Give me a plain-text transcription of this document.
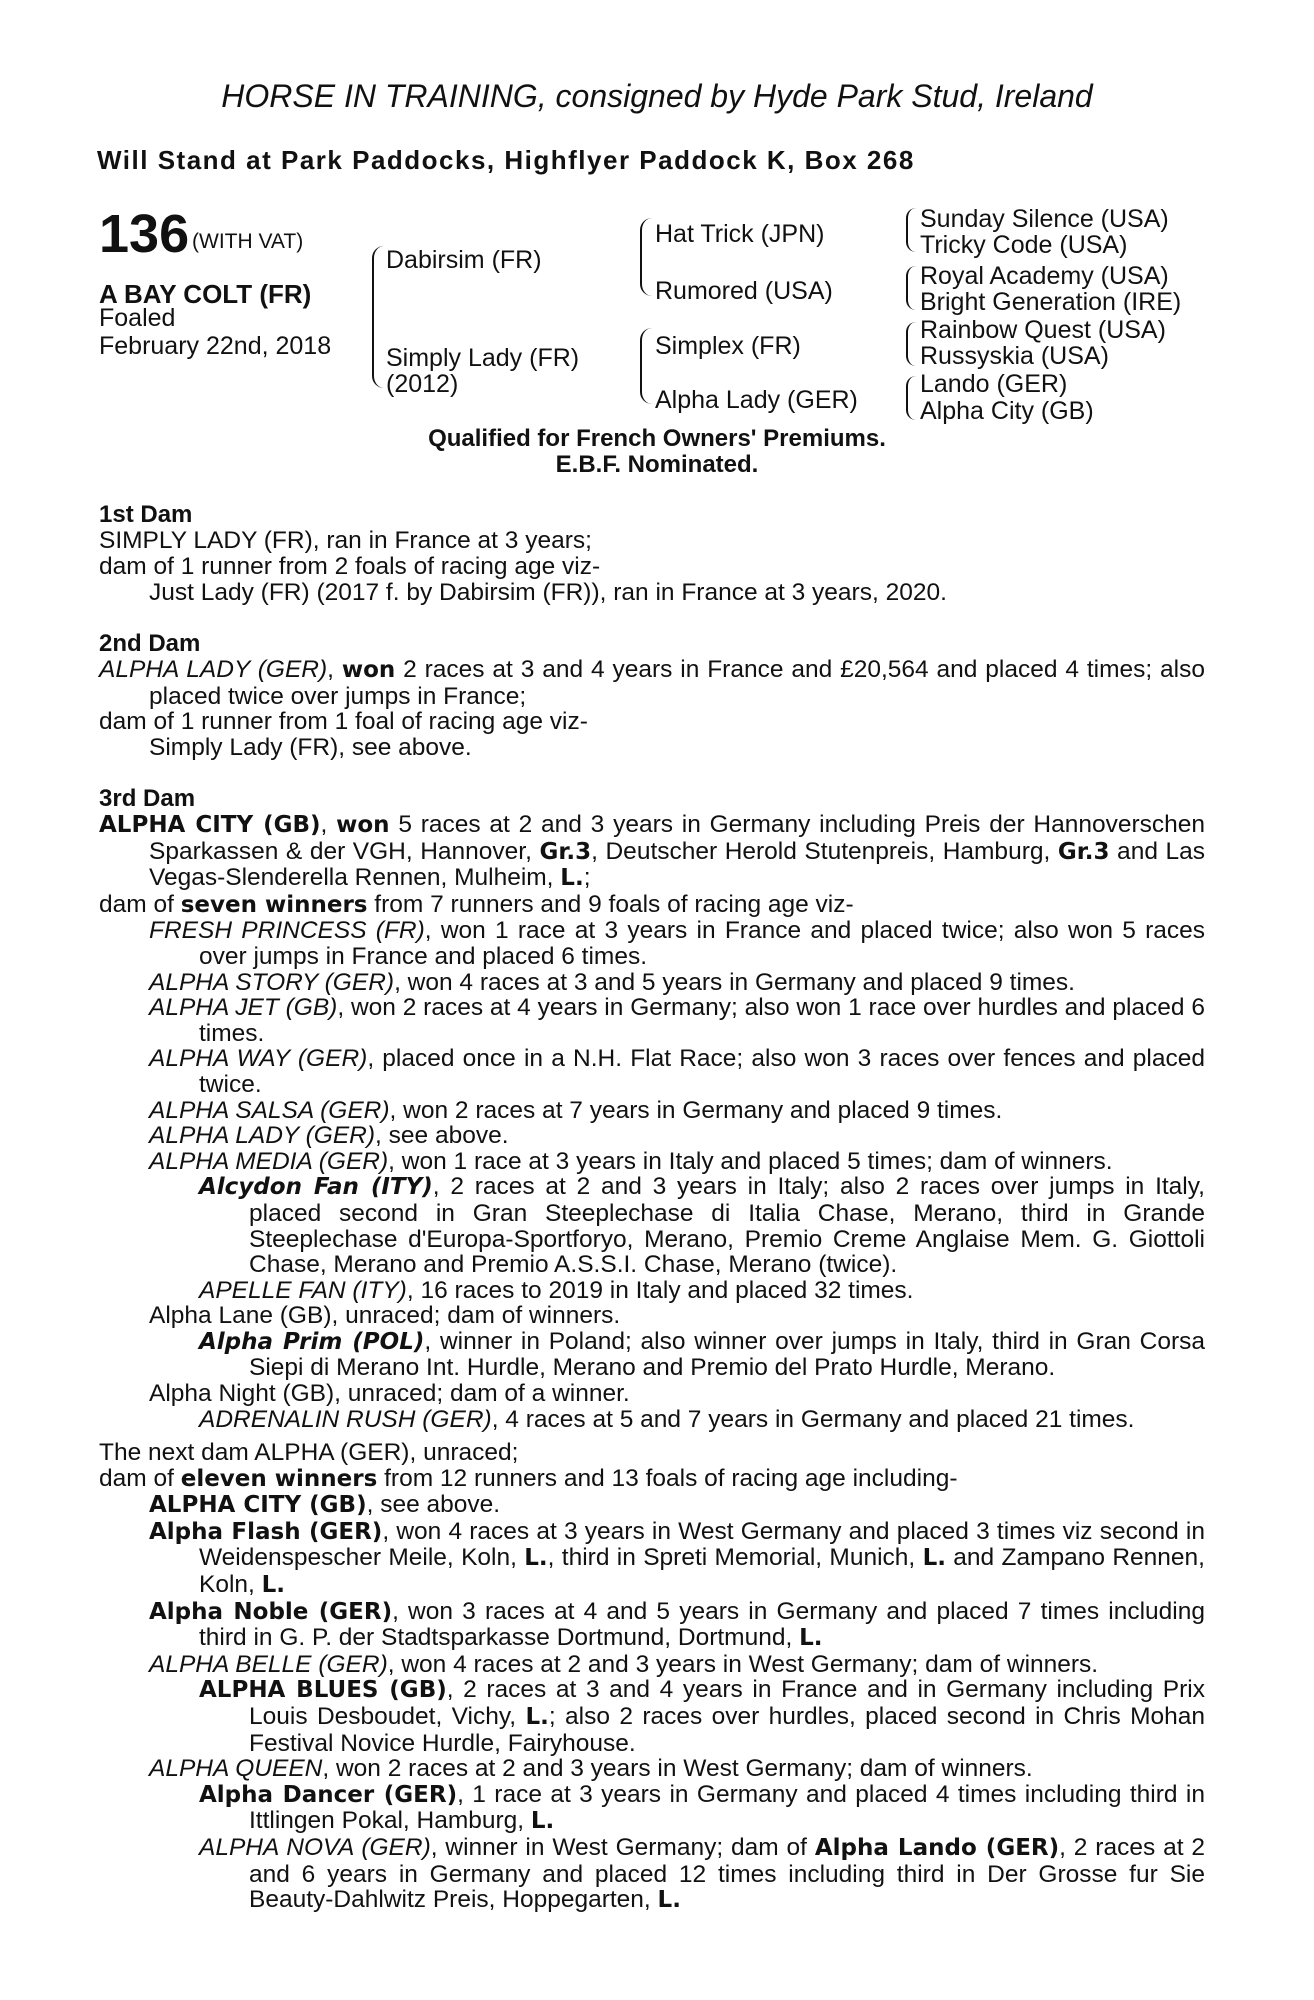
HORSE IN TRAINING, consigned by Hyde Park Stud, Ireland
Will Stand at Park Paddocks, Highflyer Paddock K, Box 268
136 (WITH VAT)
A BAY COLT (FR)
Foaled
February 22nd, 2018
Dabirsim (FR)
Simply Lady (FR)
(2012)
Hat Trick (JPN)
Rumored (USA)
Simplex (FR)
Alpha Lady (GER)
Sunday Silence (USA)
Tricky Code (USA)
Royal Academy (USA)
Bright Generation (IRE)
Rainbow Quest (USA)
Russyskia (USA)
Lando (GER)
Alpha City (GB)
Qualified for French Owners' Premiums.
E.B.F. Nominated.
1st Dam
SIMPLY LADY (FR), ran in France at 3 years;
dam of 1 runner from 2 foals of racing age viz-
Just Lady (FR) (2017 f. by Dabirsim (FR)), ran in France at 3 years, 2020.
2nd Dam
ALPHA LADY (GER), won 2 races at 3 and 4 years in France and £20,564 and placed 4 times; also placed twice over jumps in France;
dam of 1 runner from 1 foal of racing age viz-
Simply Lady (FR), see above.
3rd Dam
ALPHA CITY (GB), won 5 races at 2 and 3 years in Germany including Preis der Hannoverschen Sparkassen & der VGH, Hannover, Gr.3, Deutscher Herold Stutenpreis, Hamburg, Gr.3 and Las Vegas-Slenderella Rennen, Mulheim, L.;
dam of seven winners from 7 runners and 9 foals of racing age viz-
FRESH PRINCESS (FR), won 1 race at 3 years in France and placed twice; also won 5 races over jumps in France and placed 6 times.
ALPHA STORY (GER), won 4 races at 3 and 5 years in Germany and placed 9 times.
ALPHA JET (GB), won 2 races at 4 years in Germany; also won 1 race over hurdles and placed 6 times.
ALPHA WAY (GER), placed once in a N.H. Flat Race; also won 3 races over fences and placed twice.
ALPHA SALSA (GER), won 2 races at 7 years in Germany and placed 9 times.
ALPHA LADY (GER), see above.
ALPHA MEDIA (GER), won 1 race at 3 years in Italy and placed 5 times; dam of winners.
Alcydon Fan (ITY), 2 races at 2 and 3 years in Italy; also 2 races over jumps in Italy, placed second in Gran Steeplechase di Italia Chase, Merano, third in Grande Steeplechase d'Europa-Sportforyo, Merano, Premio Creme Anglaise Mem. G. Giottoli Chase, Merano and Premio A.S.S.I. Chase, Merano (twice).
APELLE FAN (ITY), 16 races to 2019 in Italy and placed 32 times.
Alpha Lane (GB), unraced; dam of winners.
Alpha Prim (POL), winner in Poland; also winner over jumps in Italy, third in Gran Corsa Siepi di Merano Int. Hurdle, Merano and Premio del Prato Hurdle, Merano.
Alpha Night (GB), unraced; dam of a winner.
ADRENALIN RUSH (GER), 4 races at 5 and 7 years in Germany and placed 21 times.
The next dam ALPHA (GER), unraced;
dam of eleven winners from 12 runners and 13 foals of racing age including-
ALPHA CITY (GB), see above.
Alpha Flash (GER), won 4 races at 3 years in West Germany and placed 3 times viz second in Weidenspescher Meile, Koln, L., third in Spreti Memorial, Munich, L. and Zampano Rennen, Koln, L.
Alpha Noble (GER), won 3 races at 4 and 5 years in Germany and placed 7 times including third in G. P. der Stadtsparkasse Dortmund, Dortmund, L.
ALPHA BELLE (GER), won 4 races at 2 and 3 years in West Germany; dam of winners.
ALPHA BLUES (GB), 2 races at 3 and 4 years in France and in Germany including Prix Louis Desboudet, Vichy, L.; also 2 races over hurdles, placed second in Chris Mohan Festival Novice Hurdle, Fairyhouse.
ALPHA QUEEN, won 2 races at 2 and 3 years in West Germany; dam of winners.
Alpha Dancer (GER), 1 race at 3 years in Germany and placed 4 times including third in Ittlingen Pokal, Hamburg, L.
ALPHA NOVA (GER), winner in West Germany; dam of Alpha Lando (GER), 2 races at 2 and 6 years in Germany and placed 12 times including third in Der Grosse fur Sie Beauty-Dahlwitz Preis, Hoppegarten, L.
